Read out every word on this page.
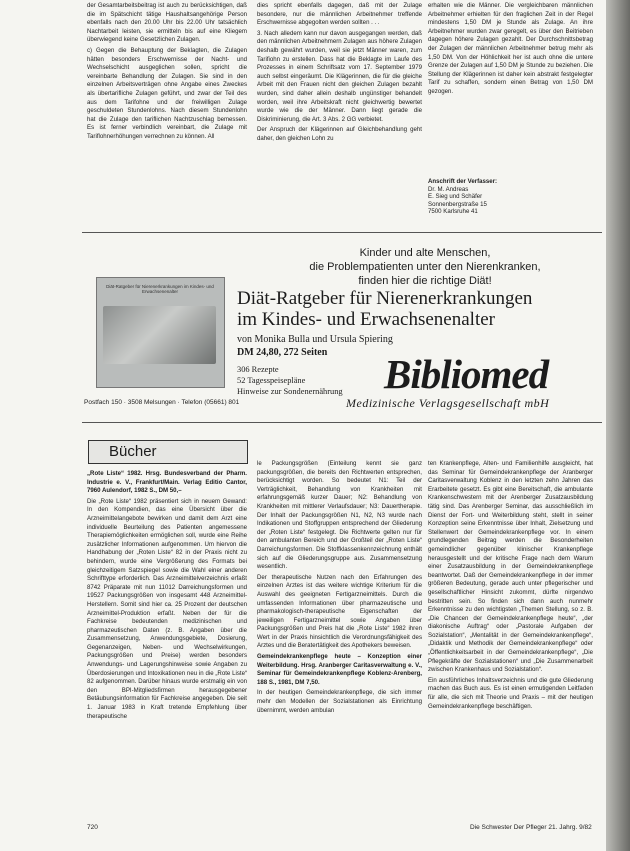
der Gesamtarbeitsbeitrag ist auch zu berücksichtigen, daß die im Spätschicht tätige Haushaltsangehörige Person ebenfalls nach den 20.00 Uhr bis 22.00 Uhr tatsächlich Nachtarbeit leisten, sie ermitteln bis auf eine Kliegem überwiegend keine Gesetzlichen Zulagen.

c) Gegen die Behauptung der Beklagten, die Zulagen hätten besonders Erschwernisse der Nacht- und Wechselschicht ausgeglichen sollen, spricht die vereinbarte Behandlung der Zulagen. Sie sind in den einzelnen Arbeitsverträgen ohne Angabe eines Zweckes als übertarifliche Zulagen geführt, und zwar der Teil des aus dem Tarifohne und der freiwilligen Zulage geschuldeten Stundenlohns. Nach diesem Stundenlohn hat die Zulage den tariflichen Nachtzuschlag bemessen. Es ist ferner verbindlich vereinbart, die Zulage mit Tariflohnerhöhungen verrechnen zu können. All

dies spricht ebenfalls dagegen, daß mit der Zulage besondere, nur die männlichen Arbeitnehmer treffende Erschwernisse abgegolten werden sollten . . .

3. Nach alledem kann nur davon ausgegangen werden, daß den männlichen Arbeitnehmern Zulagen aus höhere Zulagen deshalb gewährt wurden, weil sie jetzt Männer waren, zum Tarifiohn zu erstellen. Dass hat die Beklagte im Laufe des Prozesses in einem Schriftsatz vom 17. September 1979 auch selbst eingeräumt. Die Klägerinnen, die für die gleiche Arbeit mit den Frauen nicht den gleichen Zulagen bezahlt wurden, sind daher allein deshalb ungünstiger behandelt worden, weil ihre Arbeitskraft nicht gleichwertig bewertet wurde wie die der Männer. Dann liegt gerade die Diskriminierung, die Art. 3 Abs. 2 GG verbietet.

Der Anspruch der Klägerinnen auf Gleichbehandlung geht daher, den gleichen Lohn zu

erhalten wie die Männer. Die vergleichbaren männlichen Arbeitnehmer erhielten für den fraglichen Zeit in der Regel mindestens 1,50 DM je Stunde als Zulage. An ihre Arbeitnehmer wurden zwar geregelt, es über den Beitrieben dagegen höhere Zulagen gezahlt. Der Durchschnittsbetrag der Zulagen der männlichen Arbeitnehmer betrug mehr als 1,50 DM. Von der Höhlichkeit her ist auch ohne die untere Grenze der Zulagen auf 1,50 DM je Stunde zu beziehen. Die Stellung der Klägerinnen ist daher kein abstrakt festgelegter Tarif zu schaffen, sondern einen Betrag von 1,50 DM gezogen.

Anschrift der Verfasser:
Dr. M. Andreas
E. Sieg und Schäfer
Sonnenbergstraße 15
7500 Karlsruhe 41
Kinder und alte Menschen,
die Problempatienten unter den Nierenkranken,
finden hier die richtige Diät!
Diät-Ratgeber für Nierenerkrankungen im Kindes- und Erwachsenenalter	Diät-Ratgeber für Nierenerkrankungen
im Kindes- und Erwachsenenalter
von Monika Bulla und Ursula Spiering
DM 24,80, 272 Seiten
306 Rezepte
52 Tagesspeisepläne
Hinweise zur Sondenernährung Bibliomed
Medizinische Verlagsgesellschaft mbH
Postfach 150 · 3508 Melsungen · Telefon (05661) 801
Bücher

„Rote Liste“ 1982. Hrsg. Bundesverband der Pharm. Industrie e. V., Frankfurt/Main. Verlag Editio Cantor, 7960 Aulendorf, 1982 S., DM 50,–

Die „Rote Liste“ 1982 präsentiert sich in neuem Gewand: In den Kompendien, das eine Übersicht über die Arzneimittelangebote bewirken und damit dem Arzt eine individuelle Beurteilung des Patienten angemessene Therapiemöglichkeiten ermöglichen soll, wurde eine Reihe zusätzlicher Informationen aufgenommen. Um hiervon die Handhabung der „Roten Liste“ 82 in der Praxis nicht zu behindern, wurde eine Vergrößerung des Formats bei gleichzeitigem Satzspiegel sowie die Wahl einer anderen Schrifttype erforderlich. Das Arzneimittelverzeichnis erfaßt 8742 Präparate mit nun 11012 Darreichungsformen und 19527 Packungsgrößen von insgesamt 448 Arzneimittel-Herstellern. Somit sind hier ca. 25 Prozent der deutschen Arzneimittel-Produktion erfaßt. Neben der für die Fachkreise bedeutenden medizinischen und pharmazeutischen Daten (z. B. Angaben über die Zusammensetzung, Anwendungsgebiete, Dosierung, Gegenanzeigen, Neben- und Wechselwirkungen, Packungsgrößen und Preise) werden besonders Anwendungs- und Lagerungshinweise sowie Angaben zu Überdosierungen und Intoxikationen neu in die „Rote Liste“ 82 aufgenommen. Darüber hinaus wurde erstmalig ein von den BPI-Mitgliedsfirmen herausgegebener Betäubungsinformation für Fachkreise angegeben. Die seit 1. Januar 1983 in Kraft tretende Empfehlung über therapeutische

le Packungsgrößen (Einteilung kennt sie ganz packungsgrößen, die bereits den Richtwerten entsprechen, berücksichtigt worden. So bedeutet N1: Teil der Verträglichkeit, Behandlung von Krankheiten mit erfahrungsgemäß kurzer Dauer; N2: Behandlung von Krankheiten mit mittlerer Verlaufsdauer; N3: Dauertherapie. Der Inhalt der Packungsgrößen N1, N2, N3 wurde nach Indikationen und Stoffgruppen entsprechend der Gliederung der „Roten Liste“ festgelegt. Die Richtwerte gelten nur für den ambulanten Bereich und der Großteil der „Roten Liste“ Darreichungsformen. Die Stoffklassenkennzeichnung enthält sich auf die Gliederungsgruppe aus. Zusammensetzung wesentlich.

Der therapeutische Nutzen nach den Erfahrungen des einzelnen Arztes ist das weitere wichtige Kriterium für die Auswahl des geeigneten Fertigarzneimittels. Durch die umfassenden Informationen über pharmazeutische und pharmakologisch-therapeutische Eigenschaften der jeweiligen Fertigarzneimittel sowie Angaben über Packungsgrößen und Preis hat die „Rote Liste“ 1982 ihren Wert in der Praxis hinsichtlich die Verordnungsfähigkeit des Arztes und die Beratertätigkeit des Apothekers beweisen.

Gemeindekrankenpflege heute – Konzeption einer Weiterbildung. Hrsg. Aranberger Caritasverwaltung e. V., Seminar für Gemeindekrankenpflege Koblenz-Arenberg, 188 S., 1981, DM 7,50.

In der heutigen Gemeindekrankenpflege, die sich immer mehr den Modellen der Sozialstationen als Einrichtung übernimmt, werden ambulan

ten Krankenpflege, Alten- und Familienhilfe ausgleicht, hat das Seminar für Gemeindekrankenpflege der Aranberger Caritasverwaltung Koblenz in den letzten zehn Jahren das Erarbeitete gesetzt. Es gibt eine Bereitschaft, die ambulante Krankenschwestern mit der Arenberger Zusatzausbildung tätig sind. Das Arenberger Seminar, das ausschließlich im Dienst der Fort- und Weiterbildung steht, stellt in seiner Konzeption seine Erkenntnisse über Inhalt, Zielsetzung und Stellenwert der Gemeindekrankenpflege vor. In einem grundlegenden Beitrag werden die Besonderheiten gemeindlicher gegenüber klinischer Krankenpflege herausgestellt und der kritische Frage nach dem Warum einer Zusatzausbildung in der Gemeindekrankenpflege beantwortet. Daß der Gemeindekrankenpflege in der immer größeren Bedeutung, gerade auch unter pflegerischer und gesellschaftlicher Hinsicht zukommt, dürfte nirgendwo bestritten sein. So finden sich dann auch nunmehr Erkenntnisse zu den wichtigsten „Themen Stellung, so z. B. „Die Chancen der Gemeindekrankenpflege heute“, „der diakonische Auftrag“ oder „Pastorale Aufgaben der Sozialstation“, „Mentalität in der Gemeindekrankenpflege“, „Didaktik und Methodik der Gemeindekrankenpflege“ oder „Öffentlichkeitsarbeit in der Gemeindekrankenpflege“, „Die Pflegekräfte der Sozialstationen“ und „Die Zusammenarbeit zwischen Krankenhaus und Sozialstation“.

Ein ausführliches Inhaltsverzeichnis und die gute Gliederung machen das Buch aus. Es ist einen ermutigenden Leitfaden für alle, die sich mit Theorie und Praxis – mit der heutigen Gemeindekrankenpflege beschäftigen.

720	Die Schwester Der Pfleger 21. Jahrg. 9/82
